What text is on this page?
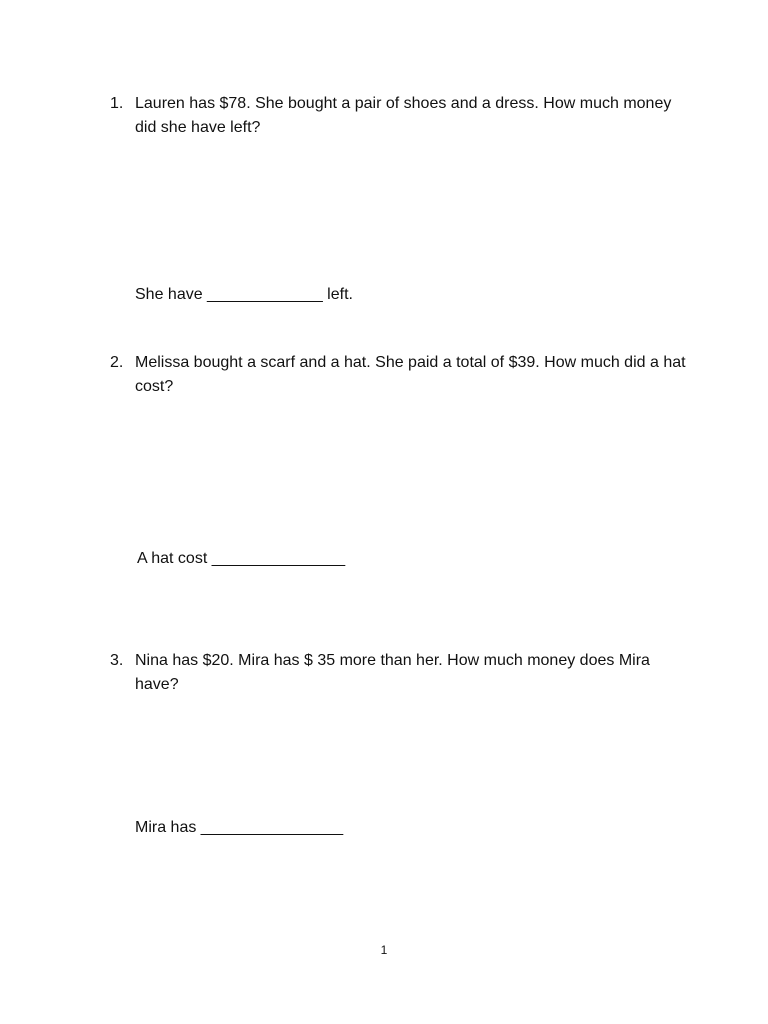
1. Lauren has $78. She bought a pair of shoes and a dress. How much money did she have left?
She have _____________ left.
2. Melissa bought a scarf and a hat. She paid a total of $39. How much did a hat cost?
A hat cost _______________
3. Nina has $20. Mira has $ 35 more than her. How much money does Mira have?
Mira has ________________
1
